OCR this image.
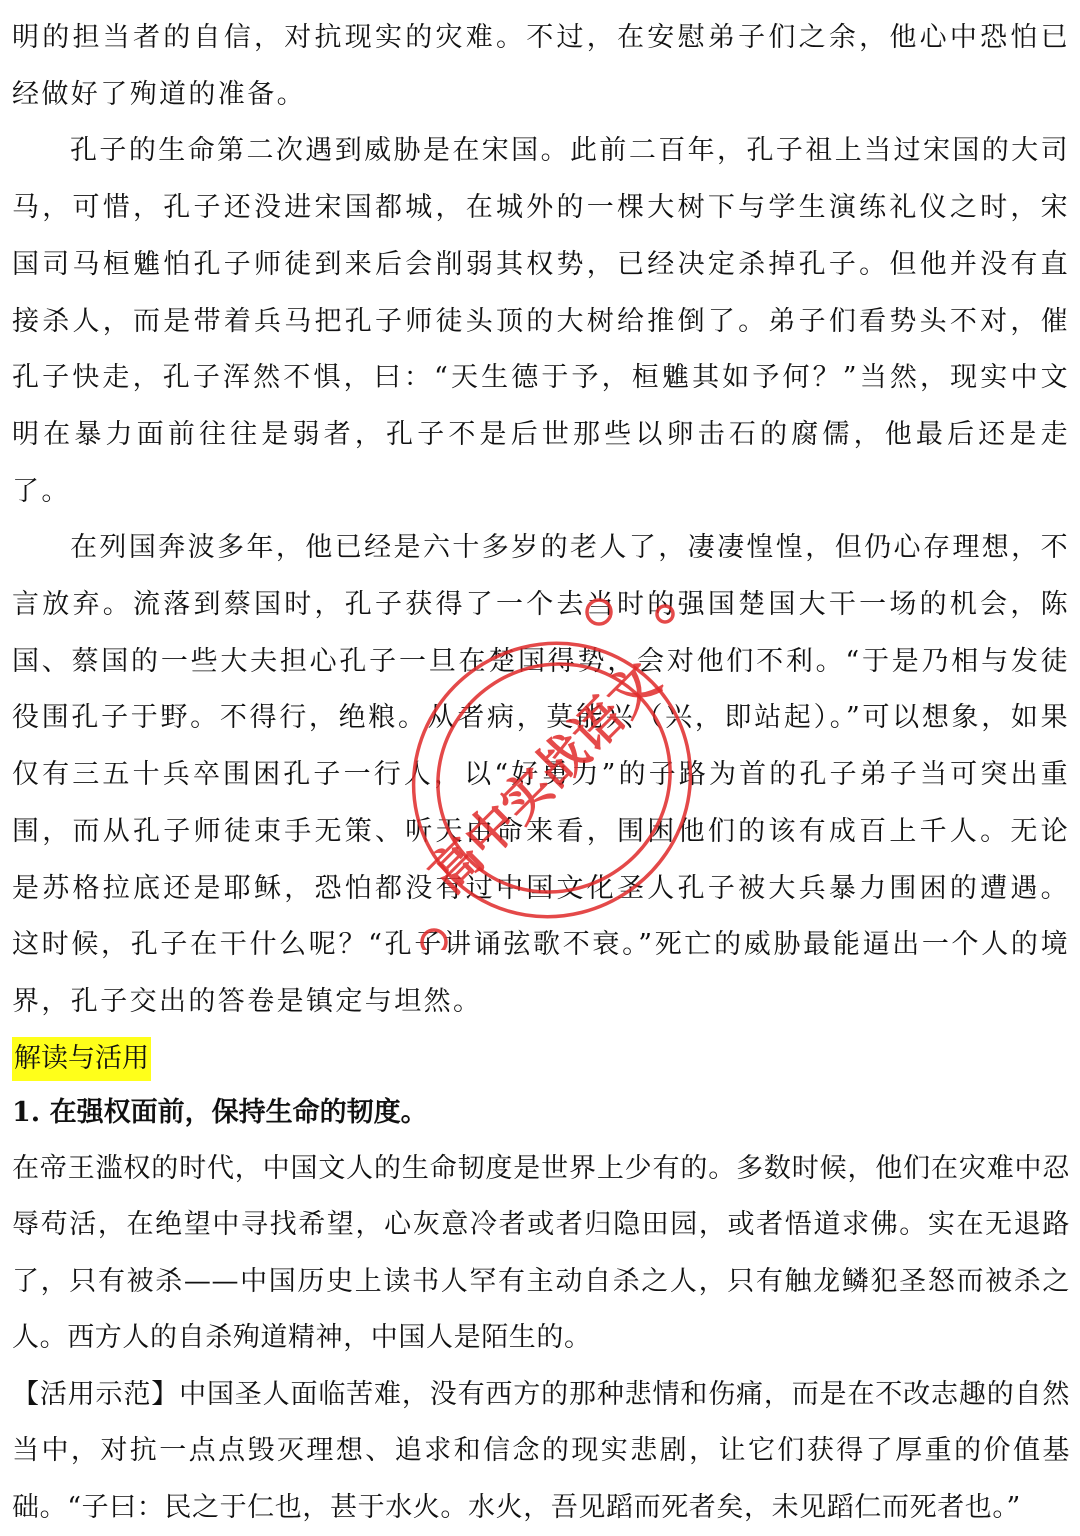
明的担当者的自信，对抗现实的灾难。不过，在安慰弟子们之余，他心中恐怕已经做好了殉道的准备。

孔子的生命第二次遇到威胁是在宋国。此前二百年，孔子祖上当过宋国的大司马，可惜，孔子还没进宋国都城，在城外的一棵大树下与学生演练礼仪之时，宋国司马桓魋怕孔子师徒到来后会削弱其权势，已经决定杀掉孔子。但他并没有直接杀人，而是带着兵马把孔子师徒头顶的大树给推倒了。弟子们看势头不对，催孔子快走，孔子浑然不惧，曰：“天生德于予，桓魋其如予何？”当然，现实中文明在暴力面前往往是弱者，孔子不是后世那些以卵击石的腐儒，他最后还是走了。

在列国奔波多年，他已经是六十多岁的老人了，凄凄惶惶，但仍心存理想，不言放弃。流落到蔡国时，孔子获得了一个去当时的强国楚国大干一场的机会，陈国、蔡国的一些大夫担心孔子一旦在楚国得势，会对他们不利。“于是乃相与发徒役围孔子于野。不得行，绝粮。从者病，莫能兴（兴，即站起）。”可以想象，如果仅有三五十兵卒围困孔子一行人，以“好勇力”的子路为首的孔子弟子当可突出重围，而从孔子师徒束手无策、听天由命来看，围困他们的该有成百上千人。无论是苏格拉底还是耶稣，恐怕都没有过中国文化圣人孔子被大兵暴力围困的遭遇。这时候，孔子在干什么呢？“孔子讲诵弦歌不衰。”死亡的威胁最能逼出一个人的境界，孔子交出的答卷是镇定与坦然。

解读与活用

1. 在强权面前，保持生命的韧度。

在帝王滥权的时代，中国文人的生命韧度是世界上少有的。多数时候，他们在灾难中忍辱苟活，在绝望中寻找希望，心灰意冷者或者归隐田园，或者悟道求佛。实在无退路了，只有被杀——中国历史上读书人罕有主动自杀之人，只有触龙鳞犯圣怒而被杀之人。西方人的自杀殉道精神，中国人是陌生的。

【活用示范】中国圣人面临苦难，没有西方的那种悲情和伤痛，而是在不改志趣的自然当中，对抗一点点毁灭理想、追求和信念的现实悲剧，让它们获得了厚重的价值基础。“子曰：民之于仁也，甚于水火。水火，吾见蹈而死者矣，未见蹈仁而死者也。”

高中实战语文
